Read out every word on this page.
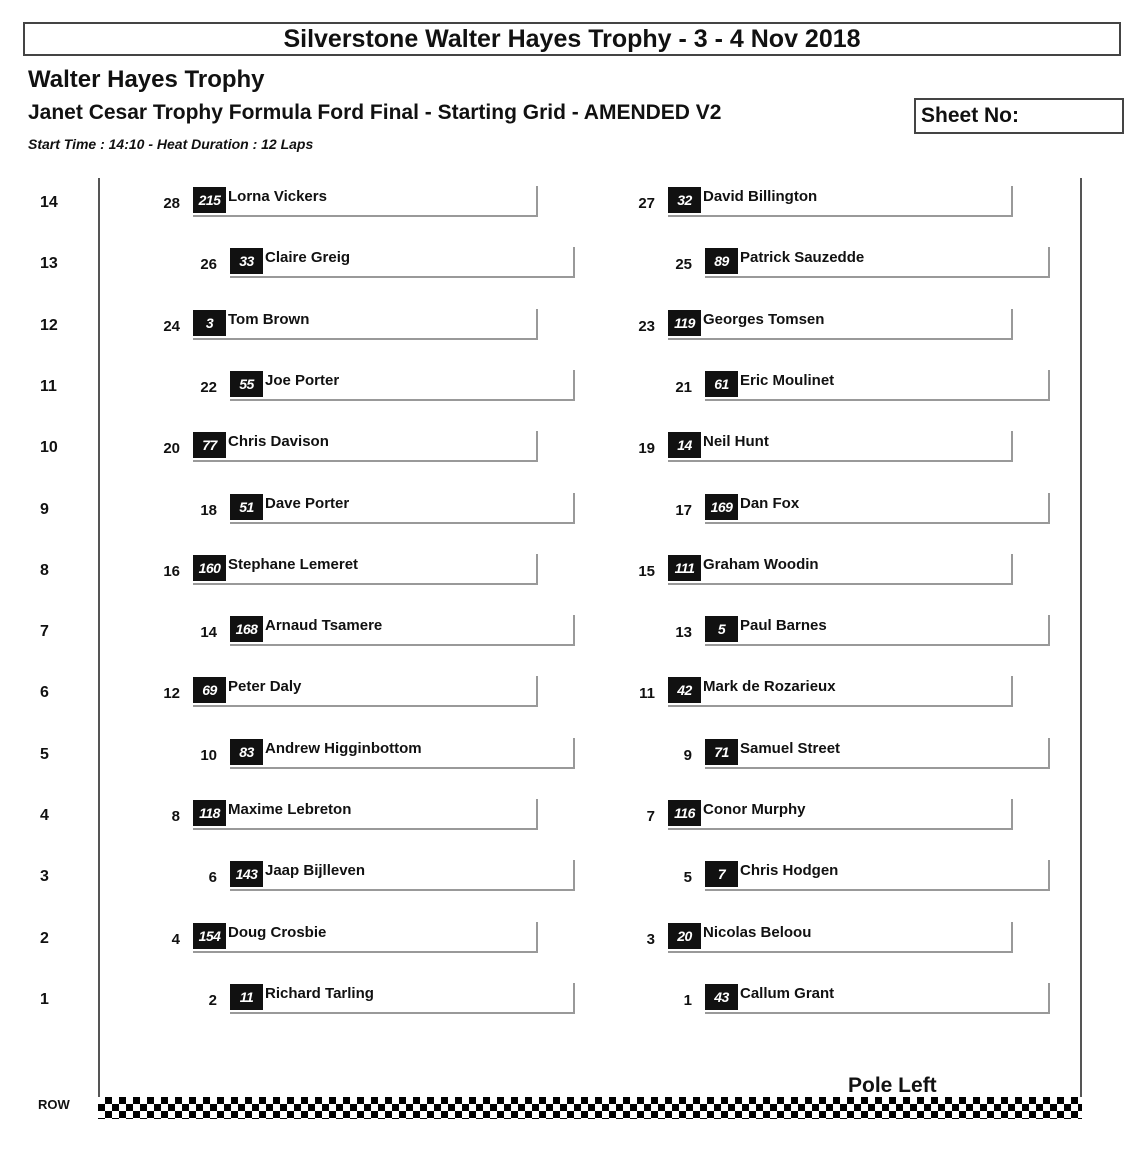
Silverstone Walter Hayes Trophy - 3 - 4 Nov 2018
Walter Hayes Trophy
Janet Cesar Trophy Formula Ford Final - Starting Grid - AMENDED V2	Sheet No:
Start Time : 14:10 - Heat Duration : 12 Laps
14	28	215 Lorna Vickers	27	32 David Billington
13	26	33 Claire Greig	25	89 Patrick Sauzedde
12	24	3 Tom Brown	23	119 Georges Tomsen
11	22	55 Joe Porter	21	61 Eric Moulinet
10	20	77 Chris Davison	19	14 Neil Hunt
9	18	51 Dave Porter	17	169 Dan Fox
8	16	160 Stephane Lemeret	15	111 Graham Woodin
7	14	168 Arnaud Tsamere	13	5 Paul Barnes
6	12	69 Peter Daly	11	42 Mark de Rozarieux
5	10	83 Andrew Higginbottom	9	71 Samuel Street
4	8	118 Maxime Lebreton	7	116 Conor Murphy
3	6	143 Jaap Bijlleven	5	7 Chris Hodgen
2	4	154 Doug Crosbie	3	20 Nicolas Beloou
1	2	11 Richard Tarling	1	43 Callum Grant
Pole Left
ROW
